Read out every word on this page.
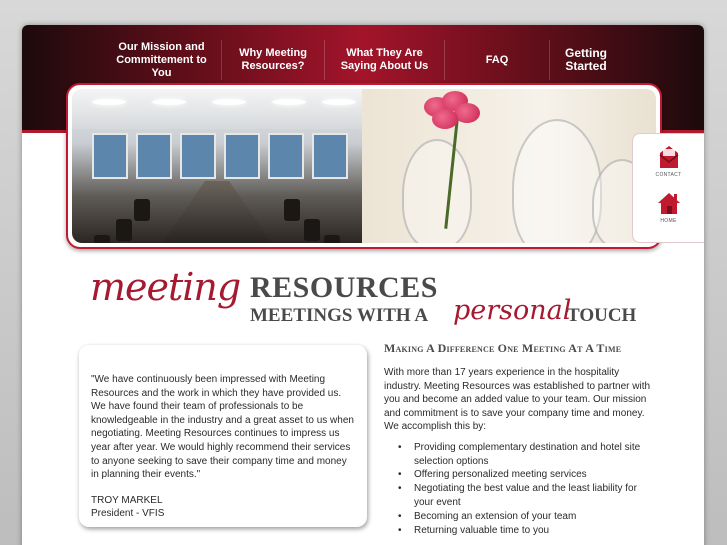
Our Mission and Committement to You
Why Meeting Resources?
What They Are Saying About Us
FAQ	Getting Started
CONTACT
HOME
meeting RESOURCES
MEETINGS WITH A personal
TOUCH
"We have continuously been impressed with Meeting Resources and the work in which they have provided us. We have found their team of professionals to be knowledgeable in the industry and a great asset to us when negotiating. Meeting Resources continues to impress us year after year. We would highly recommend their services to anyone seeking to save their company time and money in planning their events."
TROY MARKEL
President - VFIS
Making A Difference One Meeting At A Time

With more than 17 years experience in the hospitality industry. Meeting Resources was established to partner with you and become an added value to your team. Our mission and commitment is to save your company time and money. We accomplish this by:

• Providing complementary destination and hotel site selection options
• Offering personalized meeting services
• Negotiating the best value and the least liability for your event
• Becoming an extension of your team
• Returning valuable time to you
